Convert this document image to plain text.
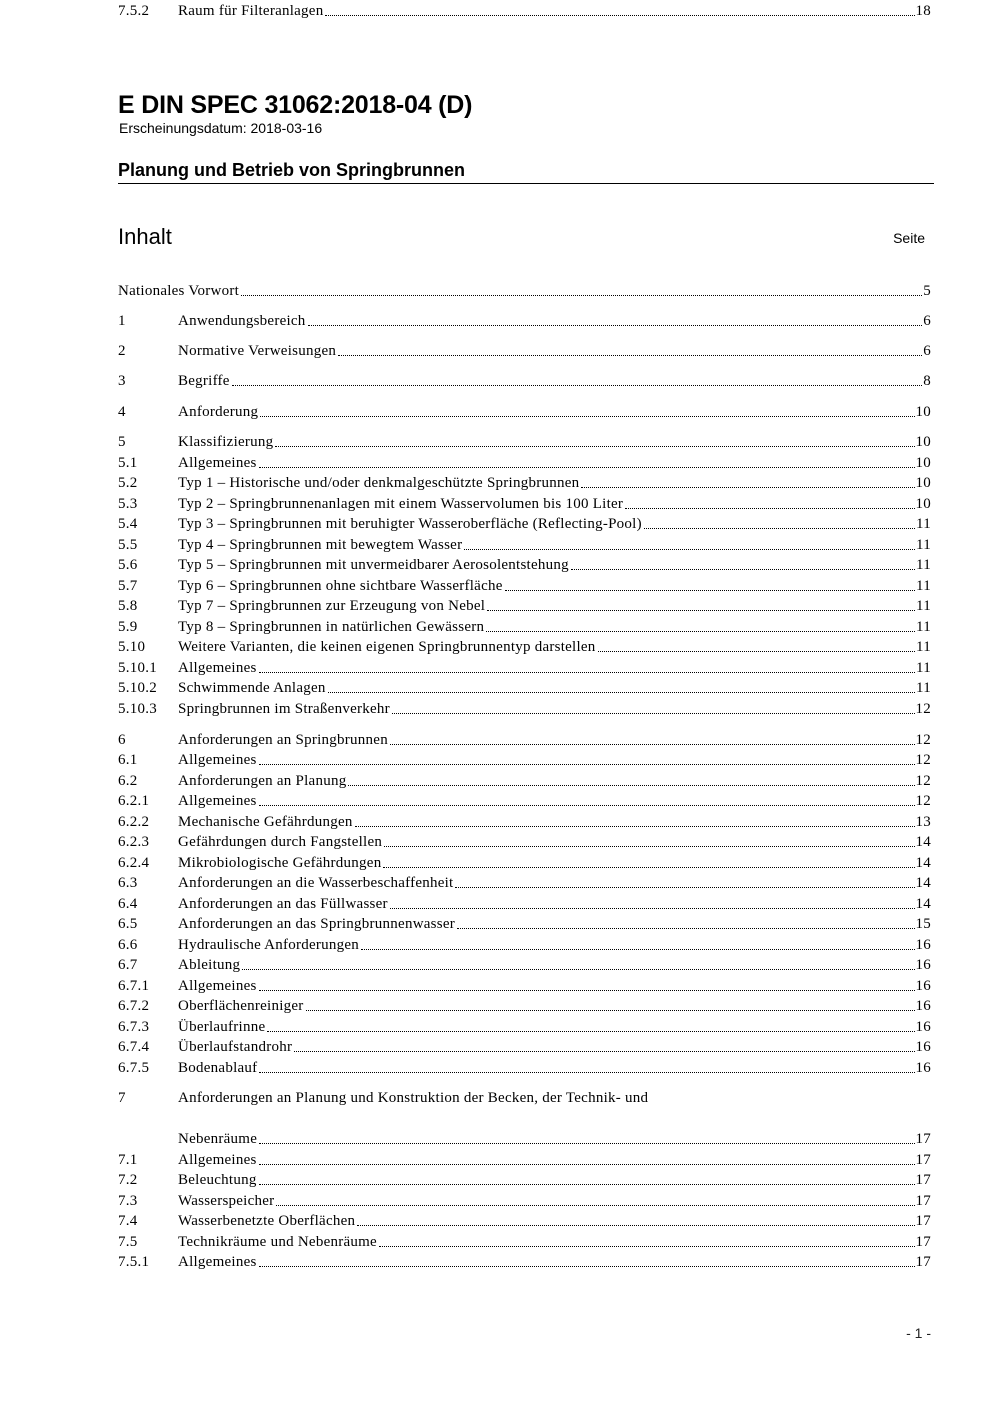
E DIN SPEC 31062:2018-04 (D)
Erscheinungsdatum: 2018-03-16
Planung und Betrieb von Springbrunnen
Inhalt	Seite
Nationales Vorwort	5
1	Anwendungsbereich	6
2	Normative Verweisungen	6
3	Begriffe	8
4	Anforderung	10
5	Klassifizierung	10
5.1	Allgemeines	10
5.2	Typ 1 – Historische und/oder denkmalgeschützte Springbrunnen	10
5.3	Typ 2 – Springbrunnenanlagen mit einem Wasservolumen bis 100 Liter	10
5.4	Typ 3 – Springbrunnen mit beruhigter Wasseroberfläche (Reflecting-Pool)	11
5.5	Typ 4 – Springbrunnen mit bewegtem Wasser	11
5.6	Typ 5 – Springbrunnen mit unvermeidbarer Aerosolentstehung	11
5.7	Typ 6 – Springbrunnen ohne sichtbare Wasserfläche	11
5.8	Typ 7 – Springbrunnen zur Erzeugung von Nebel	11
5.9	Typ 8 – Springbrunnen in natürlichen Gewässern	11
5.10	Weitere Varianten, die keinen eigenen Springbrunnentyp darstellen	11
5.10.1	Allgemeines	11
5.10.2	Schwimmende Anlagen	11
5.10.3	Springbrunnen im Straßenverkehr	12
6	Anforderungen an Springbrunnen	12
6.1	Allgemeines	12
6.2	Anforderungen an Planung	12
6.2.1	Allgemeines	12
6.2.2	Mechanische Gefährdungen	13
6.2.3	Gefährdungen durch Fangstellen	14
6.2.4	Mikrobiologische Gefährdungen	14
6.3	Anforderungen an die Wasserbeschaffenheit	14
6.4	Anforderungen an das Füllwasser	14
6.5	Anforderungen an das Springbrunnenwasser	15
6.6	Hydraulische Anforderungen	16
6.7	Ableitung	16
6.7.1	Allgemeines	16
6.7.2	Oberflächenreiniger	16
6.7.3	Überlaufrinne	16
6.7.4	Überlaufstandrohr	16
6.7.5	Bodenablauf	16
7	Anforderungen an Planung und Konstruktion der Becken, der Technik- und
Nebenräume	17
7.1	Allgemeines	17
7.2	Beleuchtung	17
7.3	Wasserspeicher	17
7.4	Wasserbenetzte Oberflächen	17
7.5	Technikräume und Nebenräume	17
7.5.1	Allgemeines	17
7.5.2	Raum für Filteranlagen	18
- 1 -
